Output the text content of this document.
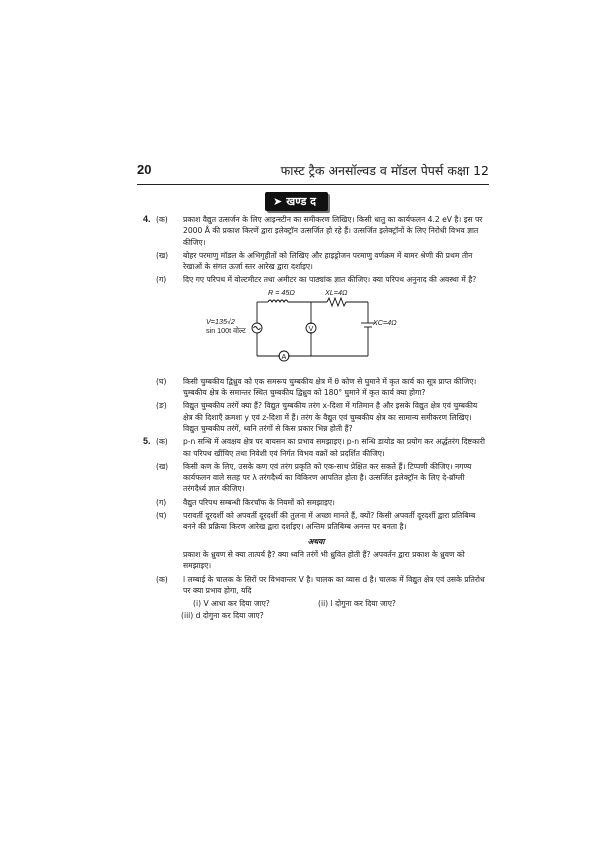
20	फास्ट ट्रैक अनसॉल्वड व मॉडल पेपर्स कक्षा 12
➤ खण्ड द
4. (क) प्रकाश वैद्युत उत्सर्जन के लिए आइन्स्टीन का समीकरण लिखिए। किसी धातु का कार्यफलन 4.2 eV है। इस पर 2000 Å की प्रकाश किरणें द्वारा इलेक्ट्रॉन उत्सर्जित हो रहे हैं। उत्सर्जित इलेक्ट्रॉनों के लिए निरोधी विभव ज्ञात कीजिए।
(ख) बोहर परमाणु मॉडल के अभिगृहीतों को लिखिए और हाइड्रोजन परमाणु वर्णक्रम में बामर श्रेणी की प्रथम तीन रेखाओं के संगत ऊर्जा स्तर आरेख द्वारा दर्शाइए।
(ग) दिए गए परिपथ में वोल्टमीटर तथा अमीटर का पाठ्यांक ज्ञात कीजिए। क्या परिपथ अनुनाद की अवस्था में है?
R = 45Ω	XL=4Ω
XC=4Ω
V=135√2
sin 100t वोल्ट	V
A
(घ) किसी चुम्बकीय द्विध्रुव को एक समरूप चुम्बकीय क्षेत्र में θ कोण से घुमाने में कृत कार्य का सूत्र प्राप्त कीजिए। चुम्बकीय क्षेत्र के समान्तर स्थित चुम्बकीय द्विध्रुव को 180° घुमाने में कृत कार्य क्या होगा?
(ङ) विद्युत चुम्बकीय तरंगें क्या हैं? विद्युत चुम्बकीय तरंग x-दिशा में गतिमान है और इसके विद्युत क्षेत्र एवं चुम्बकीय क्षेत्र की दिशाएँ क्रमशः y एवं z-दिशा में हैं। तरंग के वैद्युत एवं चुम्बकीय क्षेत्र का सामान्य समीकरण लिखिए। विद्युत चुम्बकीय तरंगें, ध्वनि तरंगों से किस प्रकार भिन्न होती हैं?
5. (क) p-n सन्धि में अवक्षय क्षेत्र पर बायसन का प्रभाव समझाइए। p-n सन्धि डायोड का प्रयोग कर अर्द्धतरंग दिष्टकारी का परिपथ खींचिए तथा निवेशी एवं निर्गत विभव वक्रों को प्रदर्शित कीजिए।
(ख) किसी कण के लिए, उसके कण एवं तरंग प्रकृति को एक-साथ प्रेक्षित कर सकते हैं। टिप्पणी कीजिए। नगण्य कार्यफलन वाले सतह पर λ तरंगदैर्ध्य का विकिरण आपतित होता है। उत्सर्जित इलेक्ट्रॉन के लिए दे-ब्रॉग्ली तरंगदैर्ध्य ज्ञात कीजिए।
(ग) वैद्युत परिपथ सम्बन्धी किरचॉफ के नियमों को समझाइए।
(घ) परावर्ती दूरदर्शी को अपवर्ती दूरदर्शी की तुलना में अच्छा मानते हैं, क्यों? किसी अपवर्ती दूरदर्शी द्वारा प्रतिबिम्ब बनने की प्रक्रिया किरण आरेख द्वारा दर्शाइए। अन्तिम प्रतिबिम्ब अनन्त पर बनता है।
अथवा
प्रकाश के ध्रुवण से क्या तात्पर्य है? क्या ध्वनि तरंगें भी ध्रुवित होती हैं? अपवर्तन द्वारा प्रकाश के ध्रुवण को समझाइए।
(क) l लम्बाई के चालक के सिरों पर विभवान्तर V है। चालक का व्यास d है। चालक में विद्युत क्षेत्र एवं उसके प्रतिरोध पर क्या प्रभाव होगा, यदि
(i) V आधा कर दिया जाए?	(ii) l दोगुना कर दिया जाए?
(iii) d दोगुना कर दिया जाए?
